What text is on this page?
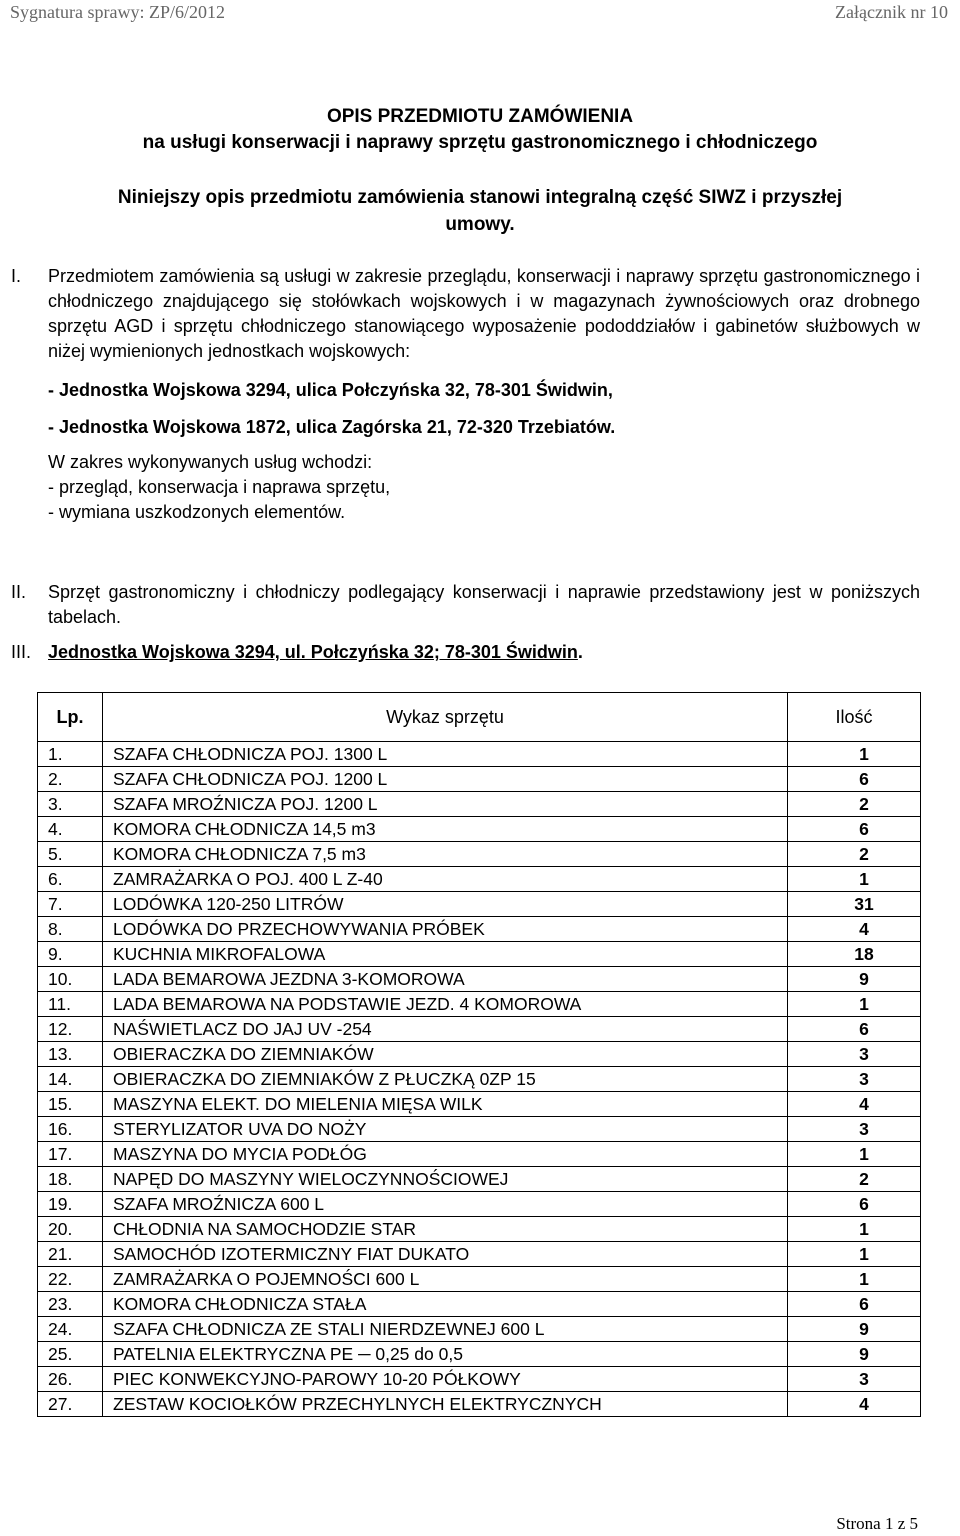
Sygnatura sprawy: ZP/6/2012	Załącznik nr 10
OPIS PRZEDMIOTU ZAMÓWIENIA
na usługi konserwacji i naprawy sprzętu gastronomicznego i chłodniczego
Niniejszy opis przedmiotu zamówienia stanowi integralną część SIWZ i przyszłej
umowy.
I. Przedmiotem zamówienia są usługi w zakresie przeglądu, konserwacji i naprawy sprzętu gastronomicznego i chłodniczego znajdującego się stołówkach wojskowych i w magazynach żywnościowych oraz drobnego sprzętu AGD i sprzętu chłodniczego stanowiącego wyposażenie pododdziałów i gabinetów służbowych w niżej wymienionych jednostkach wojskowych:
- Jednostka Wojskowa 3294, ulica Połczyńska 32, 78-301 Świdwin,
- Jednostka Wojskowa 1872, ulica Zagórska 21, 72-320 Trzebiatów.
W zakres wykonywanych usług wchodzi:
- przegląd, konserwacja i naprawa sprzętu,
- wymiana uszkodzonych elementów.
II. Sprzęt gastronomiczny i chłodniczy podlegający konserwacji i naprawie przedstawiony jest w poniższych tabelach.
III. Jednostka Wojskowa 3294, ul. Połczyńska 32; 78-301 Świdwin.
Lp.	Wykaz sprzętu	Ilość
1.	SZAFA CHŁODNICZA POJ. 1300 L	1
2.	SZAFA CHŁODNICZA POJ. 1200 L	6
3.	SZAFA MROŹNICZA POJ. 1200 L	2
4.	KOMORA CHŁODNICZA 14,5 m3	6
5.	KOMORA CHŁODNICZA 7,5 m3	2
6.	ZAMRAŻARKA O POJ. 400 L Z-40	1
7.	LODÓWKA 120-250 LITRÓW	31
8.	LODÓWKA DO PRZECHOWYWANIA PRÓBEK	4
9.	KUCHNIA MIKROFALOWA	18
10.	LADA BEMAROWA JEZDNA 3-KOMOROWA	9
11.	LADA BEMAROWA NA PODSTAWIE JEZD. 4 KOMOROWA	1
12.	NAŚWIETLACZ DO JAJ UV -254	6
13.	OBIERACZKA DO ZIEMNIAKÓW	3
14.	OBIERACZKA DO ZIEMNIAKÓW Z PŁUCZKĄ 0ZP 15	3
15.	MASZYNA ELEKT. DO MIELENIA MIĘSA WILK	4
16.	STERYLIZATOR UVA DO NOŻY	3
17.	MASZYNA DO MYCIA PODŁÓG	1
18.	NAPĘD DO MASZYNY WIELOCZYNNOŚCIOWEJ	2
19.	SZAFA MROŹNICZA 600 L	6
20.	CHŁODNIA NA SAMOCHODZIE STAR	1
21.	SAMOCHÓD IZOTERMICZNY FIAT DUKATO	1
22.	ZAMRAŻARKA O POJEMNOŚCI 600 L	1
23.	KOMORA CHŁODNICZA STAŁA	6
24.	SZAFA CHŁODNICZA ZE STALI NIERDZEWNEJ 600 L	9
25.	PATELNIA ELEKTRYCZNA PE ─ 0,25 do 0,5	9
26.	PIEC KONWEKCYJNO-PAROWY 10-20 PÓŁKOWY	3
27.	ZESTAW KOCIOŁKÓW PRZECHYLNYCH ELEKTRYCZNYCH	4
Strona 1 z 5
